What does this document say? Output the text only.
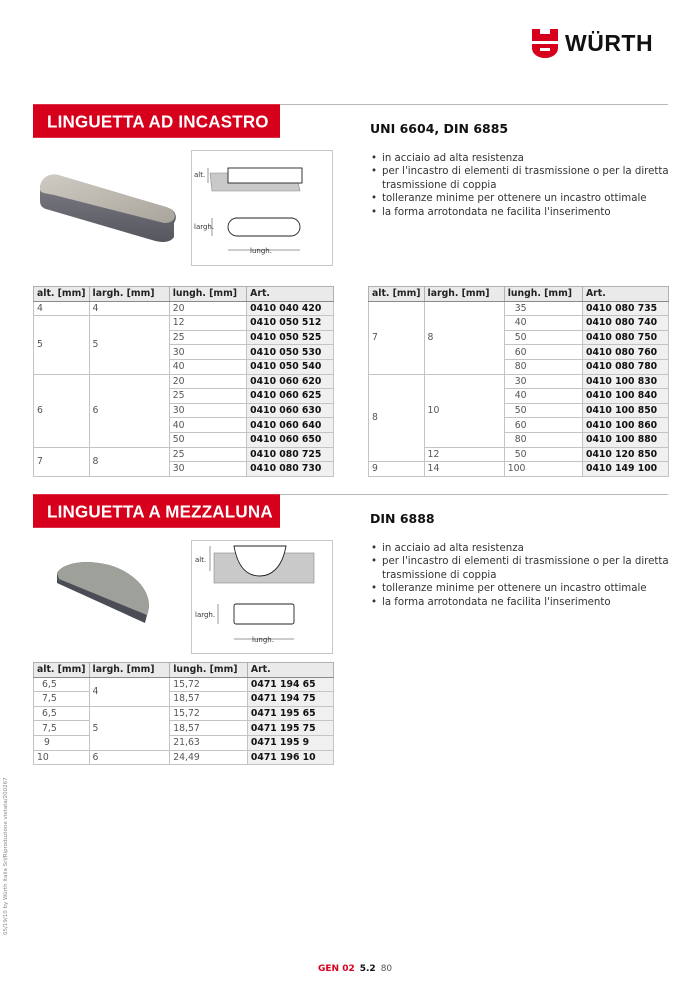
WÜRTH
LINGUETTA AD INCASTRO	UNI 6604, DIN 6885
alt.
largh.
lungh.
• in acciaio ad alta resistenza
• per l'incastro di elementi di trasmissione o per la diretta trasmissione di coppia
• tolleranze minime per ottenere un incastro ottimale
• la forma arrotondata ne facilita l'inserimento
alt. [mm]	largh. [mm]	lungh. [mm]	Art.
4	4	20	0410 040 420
5	5	12	0410 050 512
		25	0410 050 525
		30	0410 050 530
		40	0410 050 540
6	6	20	0410 060 620
		25	0410 060 625
		30	0410 060 630
		40	0410 060 640
		50	0410 060 650
7	8	25	0410 080 725
		30	0410 080 730
alt. [mm]	largh. [mm]	lungh. [mm]	Art.
7	8	35	0410 080 735
		40	0410 080 740
		50	0410 080 750
		60	0410 080 760
		80	0410 080 780
8	10	30	0410 100 830
		40	0410 100 840
		50	0410 100 850
		60	0410 100 860
		80	0410 100 880
	12	50	0410 120 850
9	14	100	0410 149 100
LINGUETTA A MEZZALUNA	DIN 6888
alt.
largh.
lungh.
• in acciaio ad alta resistenza
• per l'incastro di elementi di trasmissione o per la diretta trasmissione di coppia
• tolleranze minime per ottenere un incastro ottimale
• la forma arrotondata ne facilita l'inserimento
alt. [mm]	largh. [mm]	lungh. [mm]	Art.
6,5	4	15,72	0471 194 65
7,5		18,57	0471 194 75
6,5	5	15,72	0471 195 65
7,5		18,57	0471 195 75
9		21,63	0471 195 9
10	6	24,49	0471 196 10
05/19/10 by Würth Italia Srl/Riproduzione vietata/200267
GEN 02 5.2 80
